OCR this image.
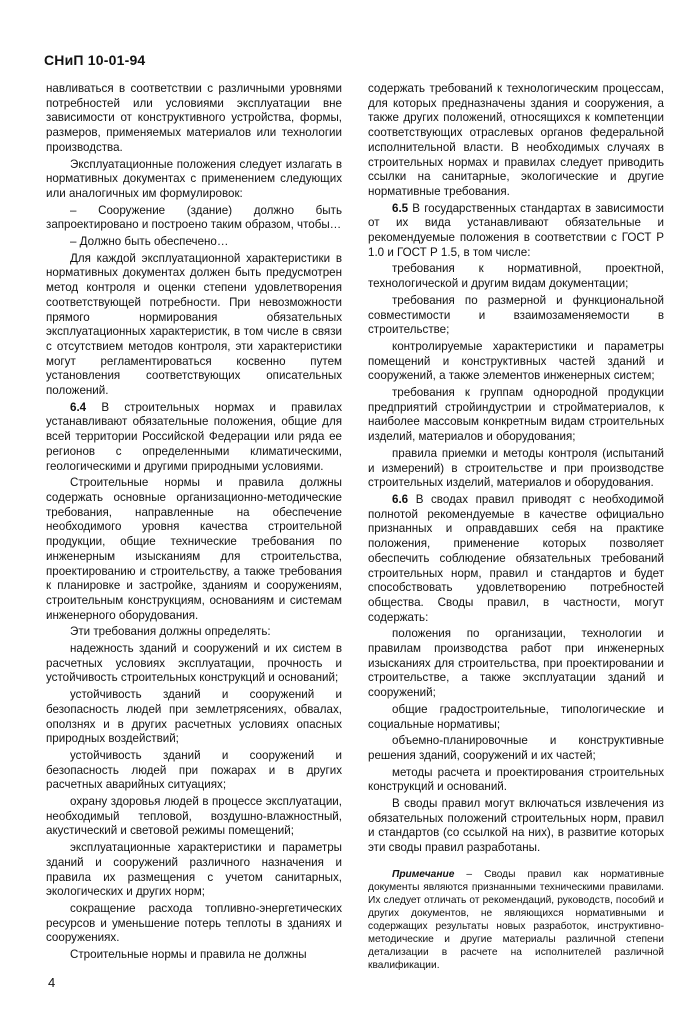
СНиП 10-01-94

навливаться в соответствии с различными уровнями потребностей или условиями эксплуатации вне зависимости от конструктивного устройства, формы, размеров, применяемых материалов или технологии производства.

Эксплуатационные положения следует излагать в нормативных документах с применением следующих или аналогичных им формулировок:

– Сооружение (здание) должно быть запроектировано и построено таким образом, чтобы…

– Должно быть обеспечено…

Для каждой эксплуатационной характеристики в нормативных документах должен быть предусмотрен метод контроля и оценки степени удовлетворения соответствующей потребности. При невозможности прямого нормирования обязательных эксплуатационных характеристик, в том числе в связи с отсутствием методов контроля, эти характеристики могут регламентироваться косвенно путем установления соответствующих описательных положений.

6.4 В строительных нормах и правилах устанавливают обязательные положения, общие для всей территории Российской Федерации или ряда ее регионов с определенными климатическими, геологическими и другими природными условиями.

Строительные нормы и правила должны содержать основные организационно-методические требования, направленные на обеспечение необходимого уровня качества строительной продукции, общие технические требования по инженерным изысканиям для строительства, проектированию и строительству, а также требования к планировке и застройке, зданиям и сооружениям, строительным конструкциям, основаниям и системам инженерного оборудования.

Эти требования должны определять:

надежность зданий и сооружений и их систем в расчетных условиях эксплуатации, прочность и устойчивость строительных конструкций и оснований;

устойчивость зданий и сооружений и безопасность людей при землетрясениях, обвалах, оползнях и в других расчетных условиях опасных природных воздействий;

устойчивость зданий и сооружений и безопасность людей при пожарах и в других расчетных аварийных ситуациях;

охрану здоровья людей в процессе эксплуатации, необходимый тепловой, воздушно-влажностный, акустический и световой режимы помещений;

эксплуатационные характеристики и параметры зданий и сооружений различного назначения и правила их размещения с учетом санитарных, экологических и других норм;

сокращение расхода топливно-энергетических ресурсов и уменьшение потерь теплоты в зданиях и сооружениях.

Строительные нормы и правила не должны

содержать требований к технологическим процессам, для которых предназначены здания и сооружения, а также других положений, относящихся к компетенции соответствующих отраслевых органов федеральной исполнительной власти. В необходимых случаях в строительных нормах и правилах следует приводить ссылки на санитарные, экологические и другие нормативные требования.

6.5 В государственных стандартах в зависимости от их вида устанавливают обязательные и рекомендуемые положения в соответствии с ГОСТ Р 1.0 и ГОСТ Р 1.5, в том числе:

требования к нормативной, проектной, технологической и другим видам документации;

требования по размерной и функциональной совместимости и взаимозаменяемости в строительстве;

контролируемые характеристики и параметры помещений и конструктивных частей зданий и сооружений, а также элементов инженерных систем;

требования к группам однородной продукции предприятий стройиндустрии и стройматериалов, к наиболее массовым конкретным видам строительных изделий, материалов и оборудования;

правила приемки и методы контроля (испытаний и измерений) в строительстве и при производстве строительных изделий, материалов и оборудования.

6.6 В сводах правил приводят с необходимой полнотой рекомендуемые в качестве официально признанных и оправдавших себя на практике положения, применение которых позволяет обеспечить соблюдение обязательных требований строительных норм, правил и стандартов и будет способствовать удовлетворению потребностей общества. Своды правил, в частности, могут содержать:

положения по организации, технологии и правилам производства работ при инженерных изысканиях для строительства, при проектировании и строительстве, а также эксплуатации зданий и сооружений;

общие градостроительные, типологические и социальные нормативы;

объемно-планировочные и конструктивные решения зданий, сооружений и их частей;

методы расчета и проектирования строительных конструкций и оснований.

В своды правил могут включаться извлечения из обязательных положений строительных норм, правил и стандартов (со ссылкой на них), в развитие которых эти своды правил разработаны.

Примечание – Своды правил как нормативные документы являются признанными техническими правилами. Их следует отличать от рекомендаций, руководств, пособий и других документов, не являющихся нормативными и содержащих результаты новых разработок, инструктивно-методические и другие материалы различной степени детализации в расчете на исполнителей различной квалификации.

4
